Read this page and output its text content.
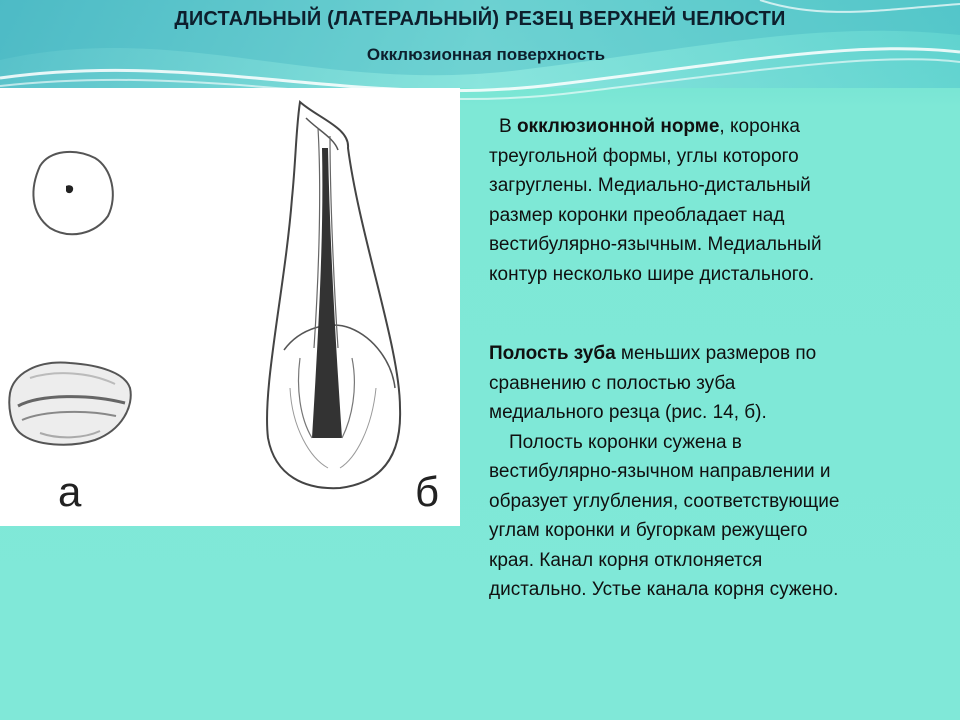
ДИСТАЛЬНЫЙ (ЛАТЕРАЛЬНЫЙ) РЕЗЕЦ ВЕРХНЕЙ ЧЕЛЮСТИ
Окклюзионная поверхность
а	б
В окклюзионной норме, коронка
треугольной формы, углы которого
загруглены. Медиально-дистальный
размер коронки преобладает над
вестибулярно-язычным. Медиальный
контур несколько шире дистального.
Полость зуба меньших размеров по
сравнению с полостью зуба
медиального резца (рис. 14, б).
Полость коронки сужена в
вестибулярно-язычном направлении и
образует углубления, соответствующие
углам коронки и бугоркам режущего
края. Канал корня отклоняется
дистально. Устье канала корня сужено.
